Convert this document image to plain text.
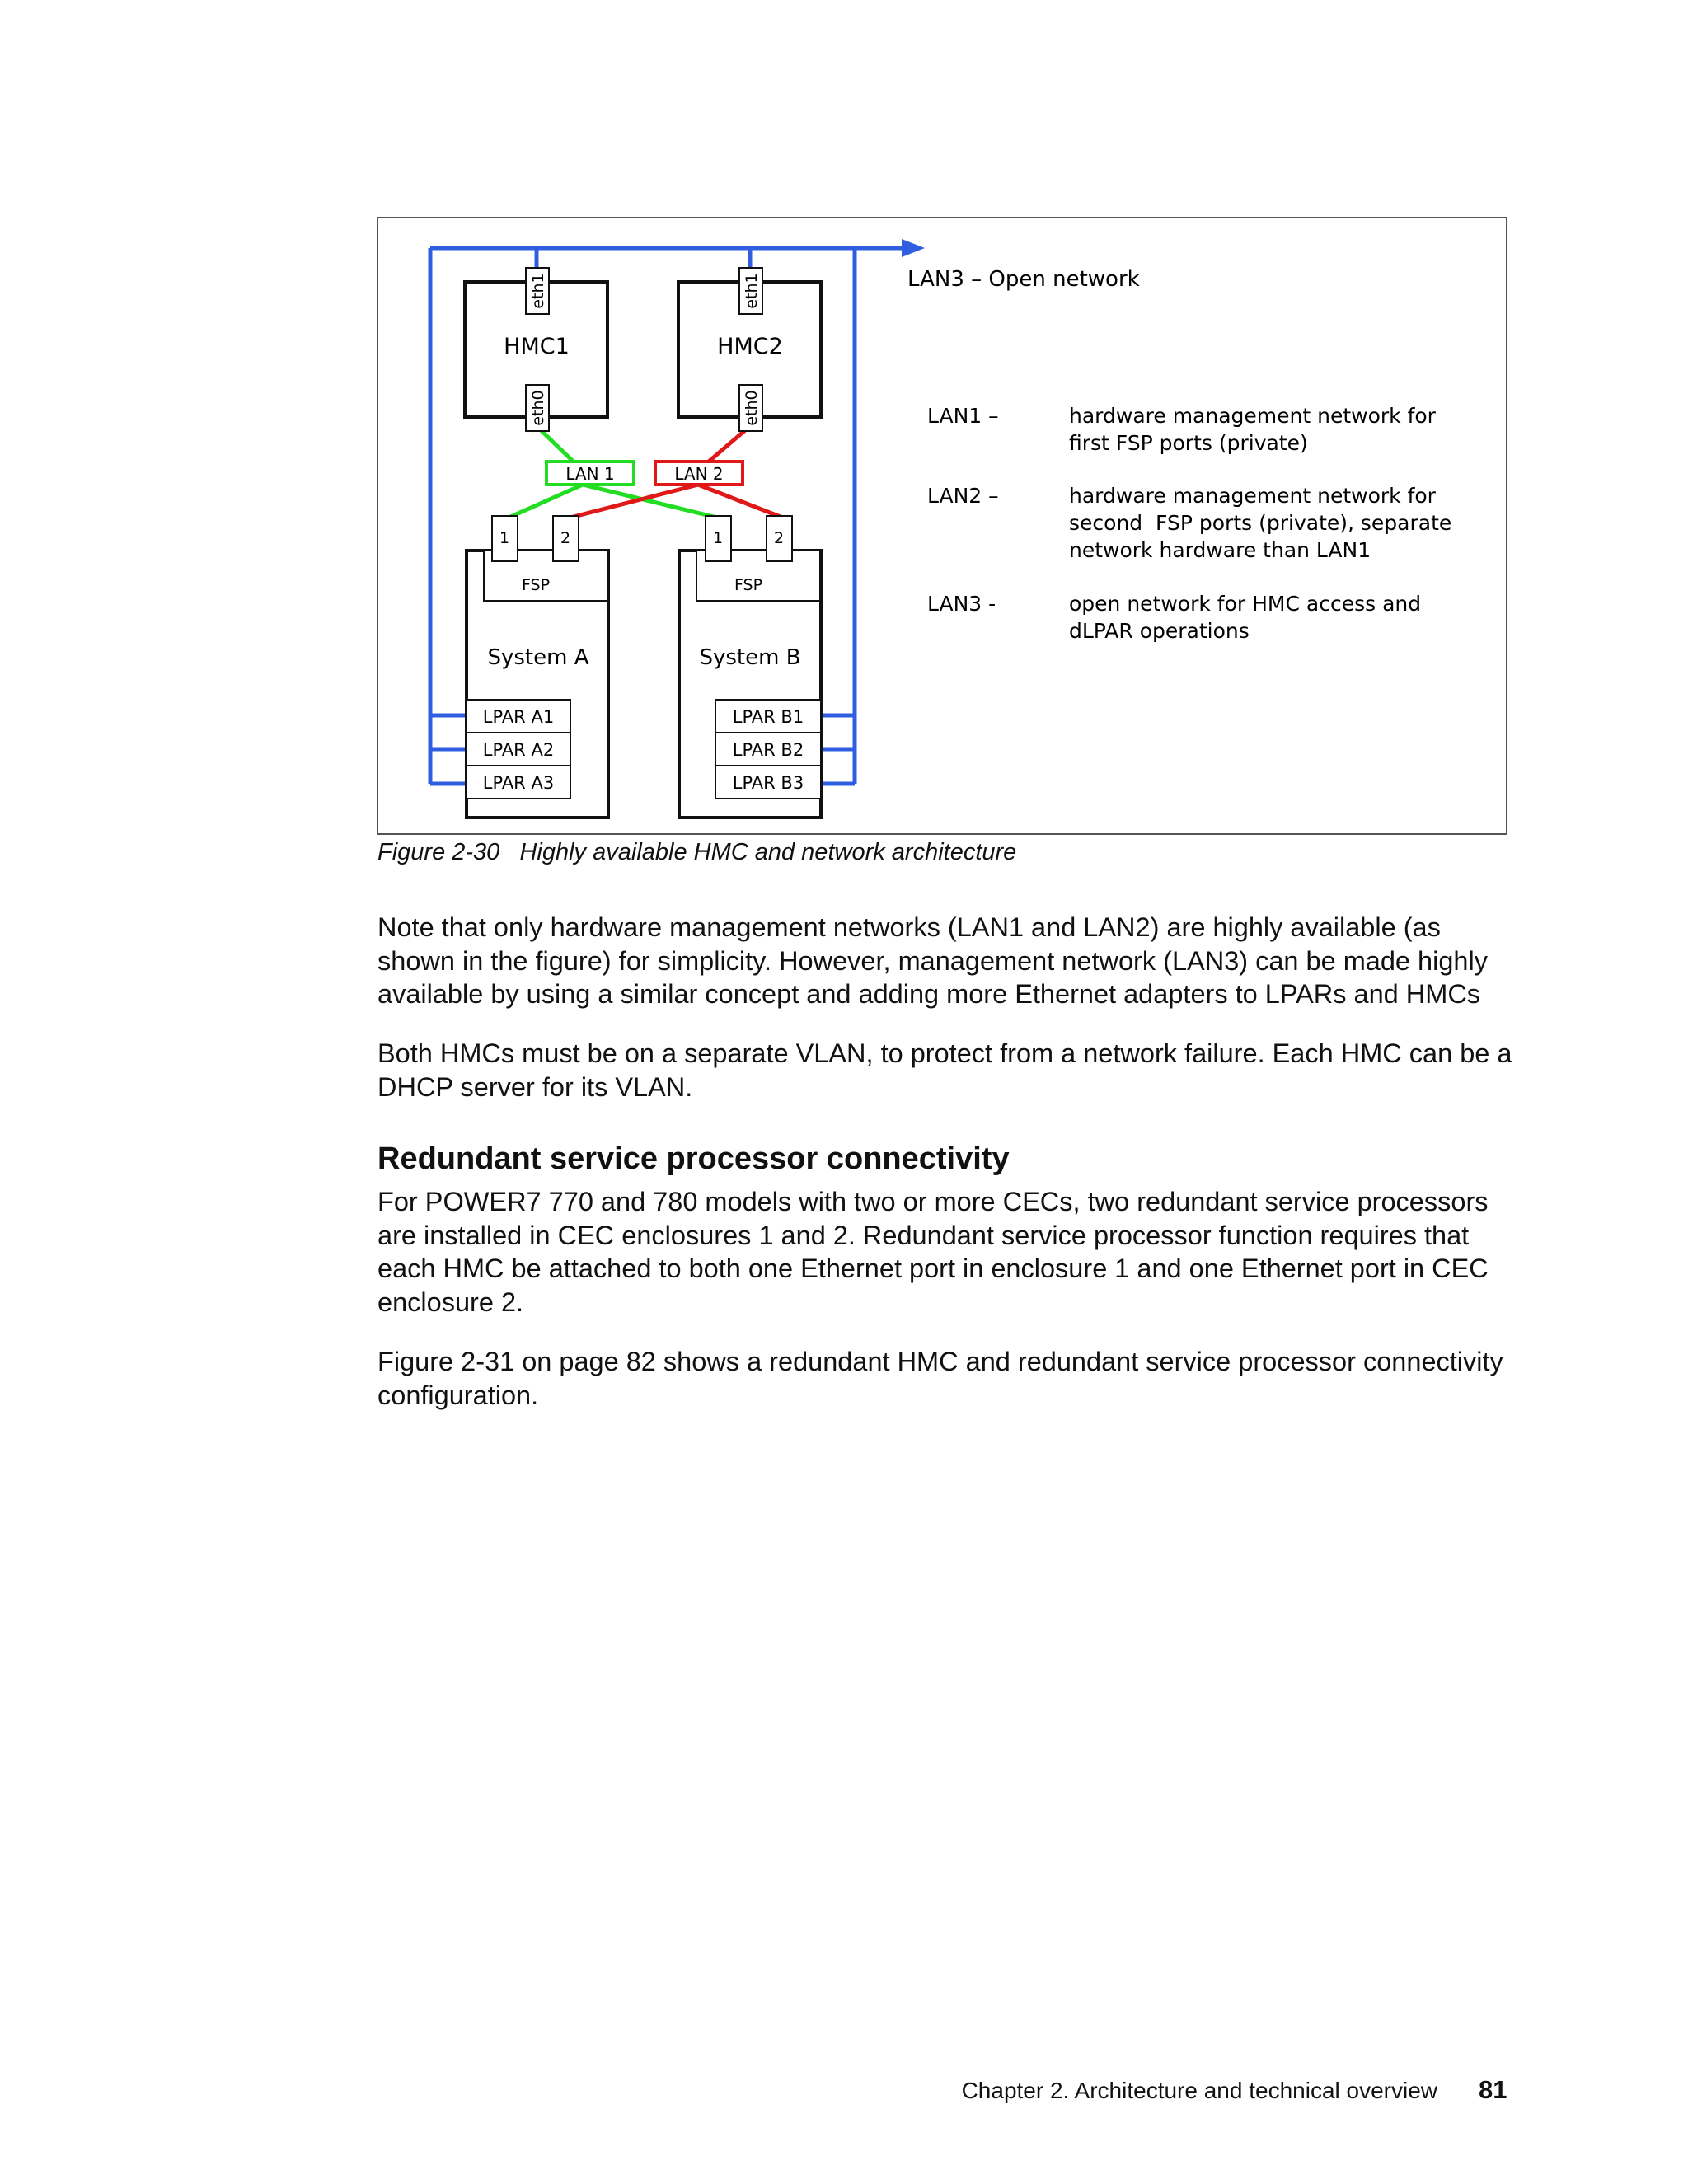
eth1
eth0
HMC1
eth1
eth0
HMC2
LAN 1	LAN 2
FSP
1	2
System A
LPAR A1
LPAR A2
LPAR A3
FSP
1	2
System B
LPAR B1
LPAR B2
LPAR B3
LAN3 – Open network
LAN1 –	hardware management network for
first FSP ports (private)
LAN2 –	hardware management network for
second  FSP ports (private), separate
network hardware than LAN1
LAN3 -	open network for HMC access and
dLPAR operations
Figure 2-30   Highly available HMC and network architecture

Note that only hardware management networks (LAN1 and LAN2) are highly available (as shown in the figure) for simplicity. However, management network (LAN3) can be made highly available by using a similar concept and adding more Ethernet adapters to LPARs and HMCs

Both HMCs must be on a separate VLAN, to protect from a network failure. Each HMC can be a DHCP server for its VLAN.

Redundant service processor connectivity

For POWER7 770 and 780 models with two or more CECs, two redundant service processors are installed in CEC enclosures 1 and 2. Redundant service processor function requires that each HMC be attached to both one Ethernet port in enclosure 1 and one Ethernet port in CEC enclosure 2.

Figure 2-31 on page 82 shows a redundant HMC and redundant service processor connectivity configuration.

Chapter 2. Architecture and technical overview 81
